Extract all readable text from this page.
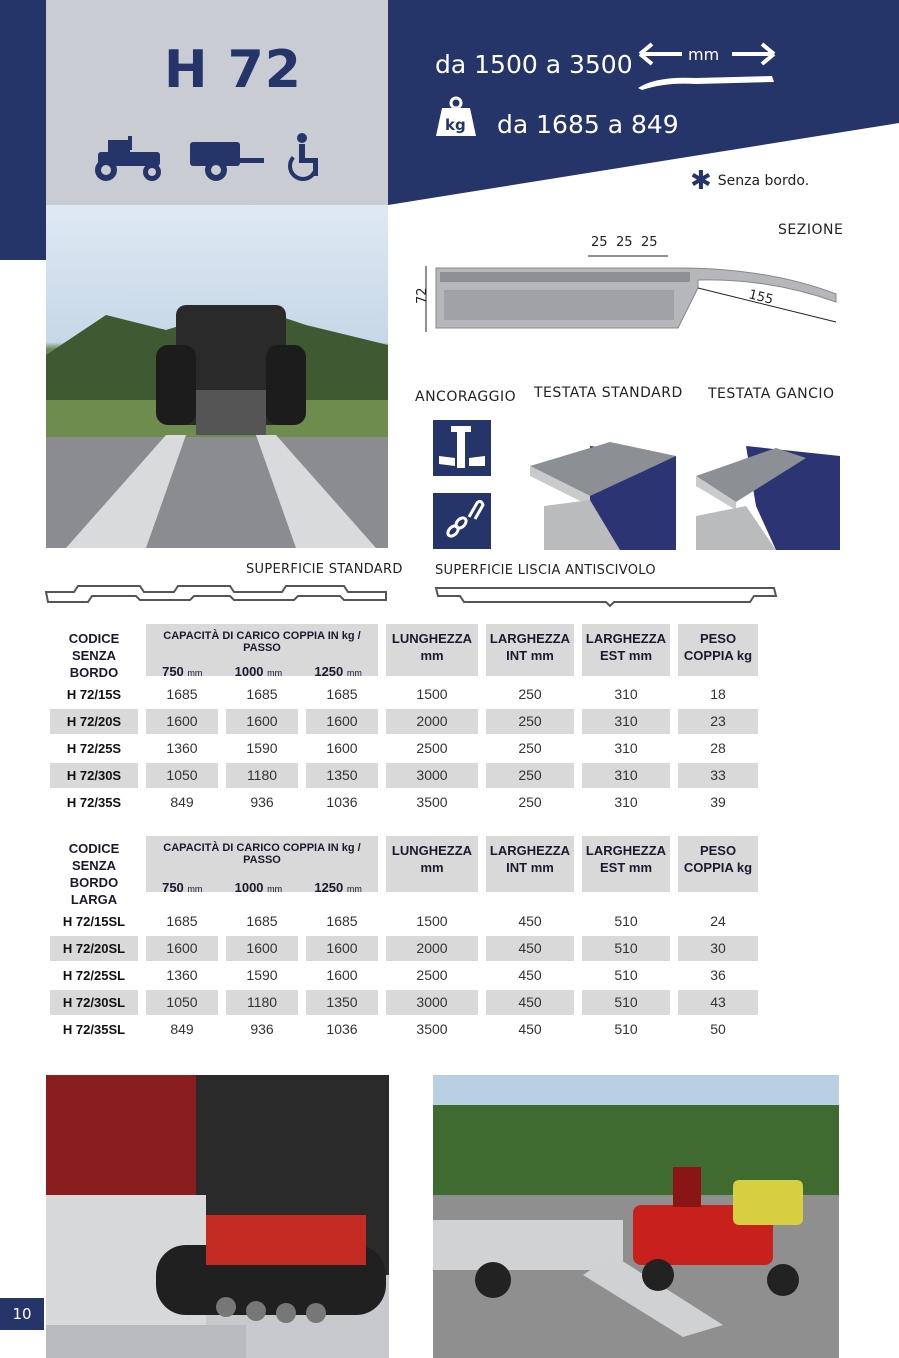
H 72	da 1500 a 3500	mm
kg da 1685 a 849
✱ Senza bordo.
SEZIONE
25 25 25
72	155
ANCORAGGIO TESTATA STANDARD TESTATA GANCIO
SUPERFICIE STANDARD SUPERFICIE LISCIA ANTISCIVOLO
CODICE SENZA BORDO	CAPACITÀ DI CARICO COPPIA IN kg / PASSO
750 mm 1000 mm 1250 mm			LUNGHEZZA mm	LARGHEZZA INT mm	LARGHEZZA EST mm	PESO COPPIA kg

H 72/15S	1685	1685	1685	1500	250	310	18

H 72/20S	1600	1600	1600	2000	250	310	23

H 72/25S	1360	1590	1600	2500	250	310	28

H 72/30S	1050	1180	1350	3000	250	310	33

H 72/35S	849	936	1036	3500	250	310	39
CODICE SENZA BORDO LARGA	CAPACITÀ DI CARICO COPPIA IN kg / PASSO
750 mm 1000 mm 1250 mm			LUNGHEZZA mm	LARGHEZZA INT mm	LARGHEZZA EST mm	PESO COPPIA kg

H 72/15SL	1685	1685	1685	1500	450	510	24

H 72/20SL	1600	1600	1600	2000	450	510	30

H 72/25SL	1360	1590	1600	2500	450	510	36

H 72/30SL	1050	1180	1350	3000	450	510	43

H 72/35SL	849	936	1036	3500	450	510	50
10
